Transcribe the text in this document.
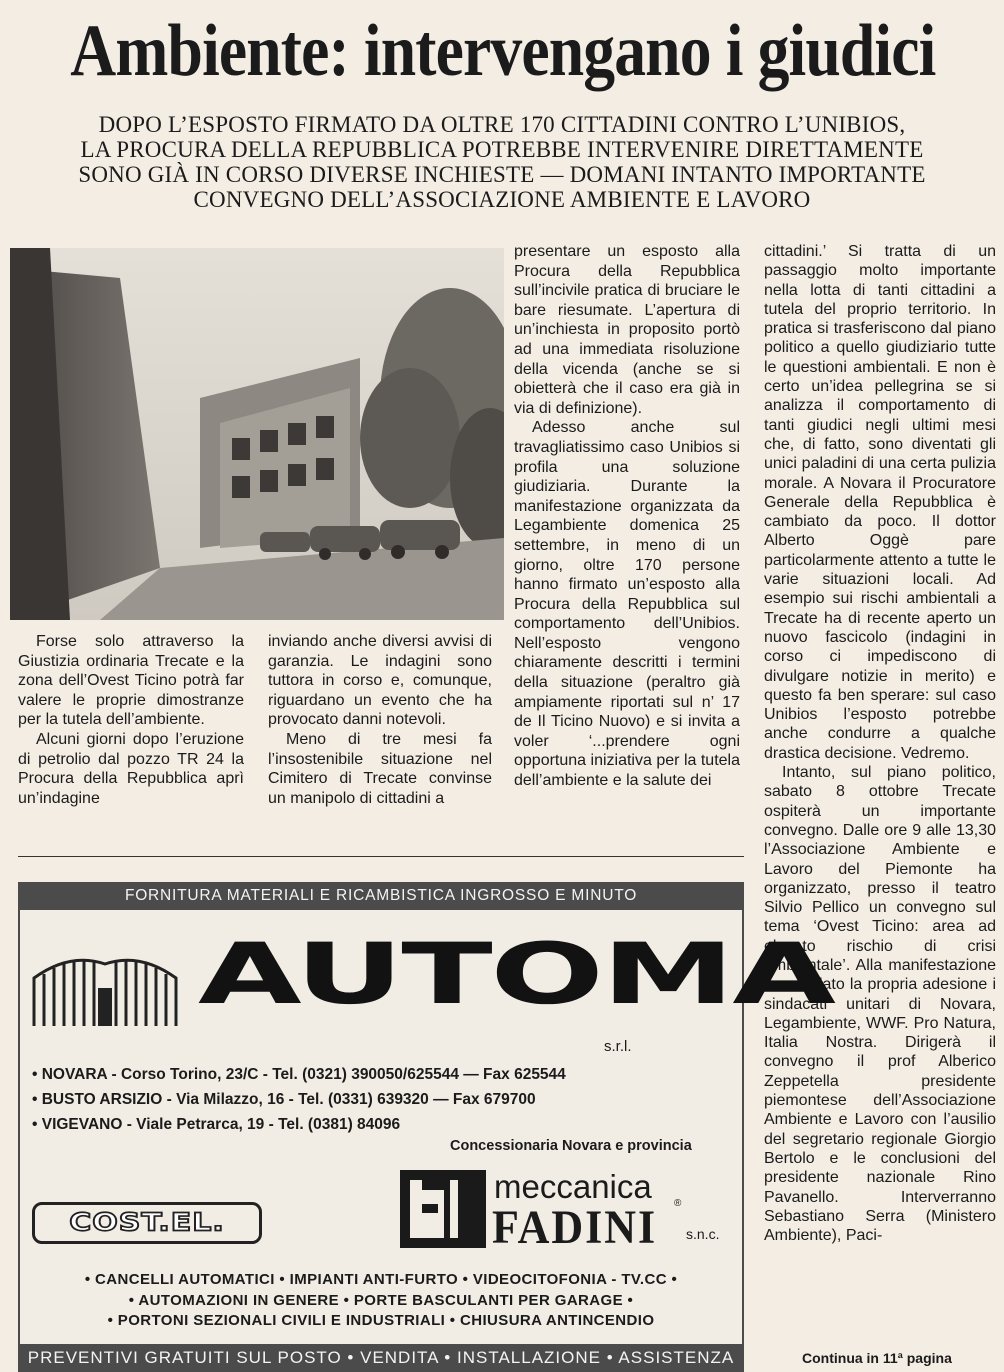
Ambiente: intervengano i giudici
DOPO L’ESPOSTO FIRMATO DA OLTRE 170 CITTADINI CONTRO L’UNIBIOS,
LA PROCURA DELLA REPUBBLICA POTREBBE INTERVENIRE DIRETTAMENTE
SONO GIÀ IN CORSO DIVERSE INCHIESTE — DOMANI INTANTO IMPORTANTE
CONVEGNO DELL’ASSOCIAZIONE AMBIENTE E LAVORO

Forse solo attraverso la Giustizia ordinaria Trecate e la zona dell’Ovest Ticino potrà far valere le proprie dimostranze per la tutela dell’ambiente.

Alcuni giorni dopo l’eruzione di petrolio dal pozzo TR 24 la Procura della Repubblica aprì un’indagine

inviando anche diversi avvisi di garanzia. Le indagini sono tuttora in corso e, comunque, riguardano un evento che ha provocato danni notevoli.

Meno di tre mesi fa l’insostenibile situazione nel Cimitero di Trecate convinse un manipolo di cittadini a

presentare un esposto alla Procura della Repubblica sull’incivile pratica di bruciare le bare riesumate. L’apertura di un’inchiesta in proposito portò ad una immediata risoluzione della vicenda (anche se si obietterà che il caso era già in via di definizione).

Adesso anche sul travagliatissimo caso Unibios si profila una soluzione giudiziaria. Durante la manifestazione organizzata da Legambiente domenica 25 settembre, in meno di un giorno, oltre 170 persone hanno firmato un’esposto alla Procura della Repubblica sul comportamento dell’Unibios. Nell’esposto vengono chiaramente descritti i termini della situazione (peraltro già ampiamente riportati sul n’ 17 de Il Ticino Nuovo) e si invita a voler ‘...prendere ogni opportuna iniziativa per la tutela dell’ambiente e la salute dei

cittadini.’ Si tratta di un passaggio molto importante nella lotta di tanti cittadini a tutela del proprio territorio. In pratica si trasferiscono dal piano politico a quello giudiziario tutte le questioni ambientali. E non è certo un’idea pellegrina se si analizza il comportamento di tanti giudici negli ultimi mesi che, di fatto, sono diventati gli unici paladini di una certa pulizia morale. A Novara il Procuratore Generale della Repubblica è cambiato da poco. Il dottor Alberto Oggè pare particolarmente attento a tutte le varie situazioni locali. Ad esempio sui rischi ambientali a Trecate ha di recente aperto un nuovo fascicolo (indagini in corso ci impediscono di divulgare notizie in merito) e questo fa ben sperare: sul caso Unibios l’esposto potrebbe anche condurre a qualche drastica decisione. Vedremo.

Intanto, sul piano politico, sabato 8 ottobre Trecate ospiterà un importante convegno. Dalle ore 9 alle 13,30 l’Associazione Ambiente e Lavoro del Piemonte ha organizzato, presso il teatro Silvio Pellico un convegno sul tema ‘Ovest Ticino: area ad elevato rischio di crisi ambientale’. Alla manifestazione hanno dato la propria adesione i sindacati unitari di Novara, Legambiente, WWF. Pro Natura, Italia Nostra. Dirigerà il convegno il prof Alberico Zeppetella presidente piemontese dell’Associazione Ambiente e Lavoro con l’ausilio del segretario regionale Giorgio Bertolo e le conclusioni del presidente nazionale Rino Pavanello. Interverranno Sebastiano Serra (Ministero Ambiente), Paci-

Continua in 11ª pagina
FORNITURA MATERIALI E RICAMBISTICA INGROSSO E MINUTO
AUTOMA
s.r.l.
• NOVARA - Corso Torino, 23/C - Tel. (0321) 390050/625544 — Fax 625544
• BUSTO ARSIZIO - Via Milazzo, 16 - Tel. (0331) 639320 — Fax 679700
• VIGEVANO - Viale Petrarca, 19 - Tel. (0381) 84096
Concessionaria Novara e provincia
meccanica
FADINI ®
s.n.c.
COST.EL.
• CANCELLI AUTOMATICI • IMPIANTI ANTI-FURTO • VIDEOCITOFONIA - TV.CC •
• AUTOMAZIONI IN GENERE • PORTE BASCULANTI PER GARAGE •
• PORTONI SEZIONALI CIVILI E INDUSTRIALI • CHIUSURA ANTINCENDIO
PREVENTIVI GRATUITI SUL POSTO • VENDITA • INSTALLAZIONE • ASSISTENZA
